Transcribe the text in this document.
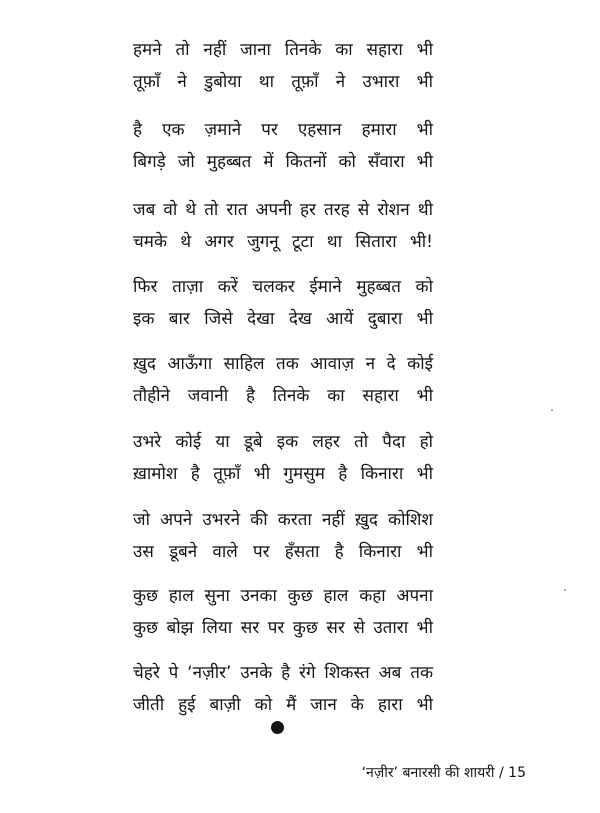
हमने तो नहीं जाना तिनके का सहारा भी
तूफ़ाँ ने डुबोया था तूफ़ाँ ने उभारा भी
है एक ज़माने पर एहसान हमारा भी
बिगड़े जो मुहब्बत में कितनों को सँवारा भी
जब वो थे तो रात अपनी हर तरह से रोशन थी
चमके थे अगर जुगनू टूटा था सितारा भी!
फिर ताज़ा करें चलकर ईमाने मुहब्बत को
इक बार जिसे देखा देख आयें दुबारा भी
ख़ुद आऊँगा साहिल तक आवाज़ न दे कोई
तौहीने जवानी है तिनके का सहारा भी
उभरे कोई या डूबे इक लहर तो पैदा हो
ख़ामोश है तूफ़ाँ भी गुमसुम है किनारा भी
जो अपने उभरने की करता नहीं ख़ुद कोशिश
उस डूबने वाले पर हँसता है किनारा भी
कुछ हाल सुना उनका कुछ हाल कहा अपना
कुछ बोझ लिया सर पर कुछ सर से उतारा भी
चेहरे पे ‘नज़ीर’ उनके है रंगे शिकस्त अब तक
जीती हुई बाज़ी को मैं जान के हारा भी
‘नज़ीर’ बनारसी की शायरी / 15
